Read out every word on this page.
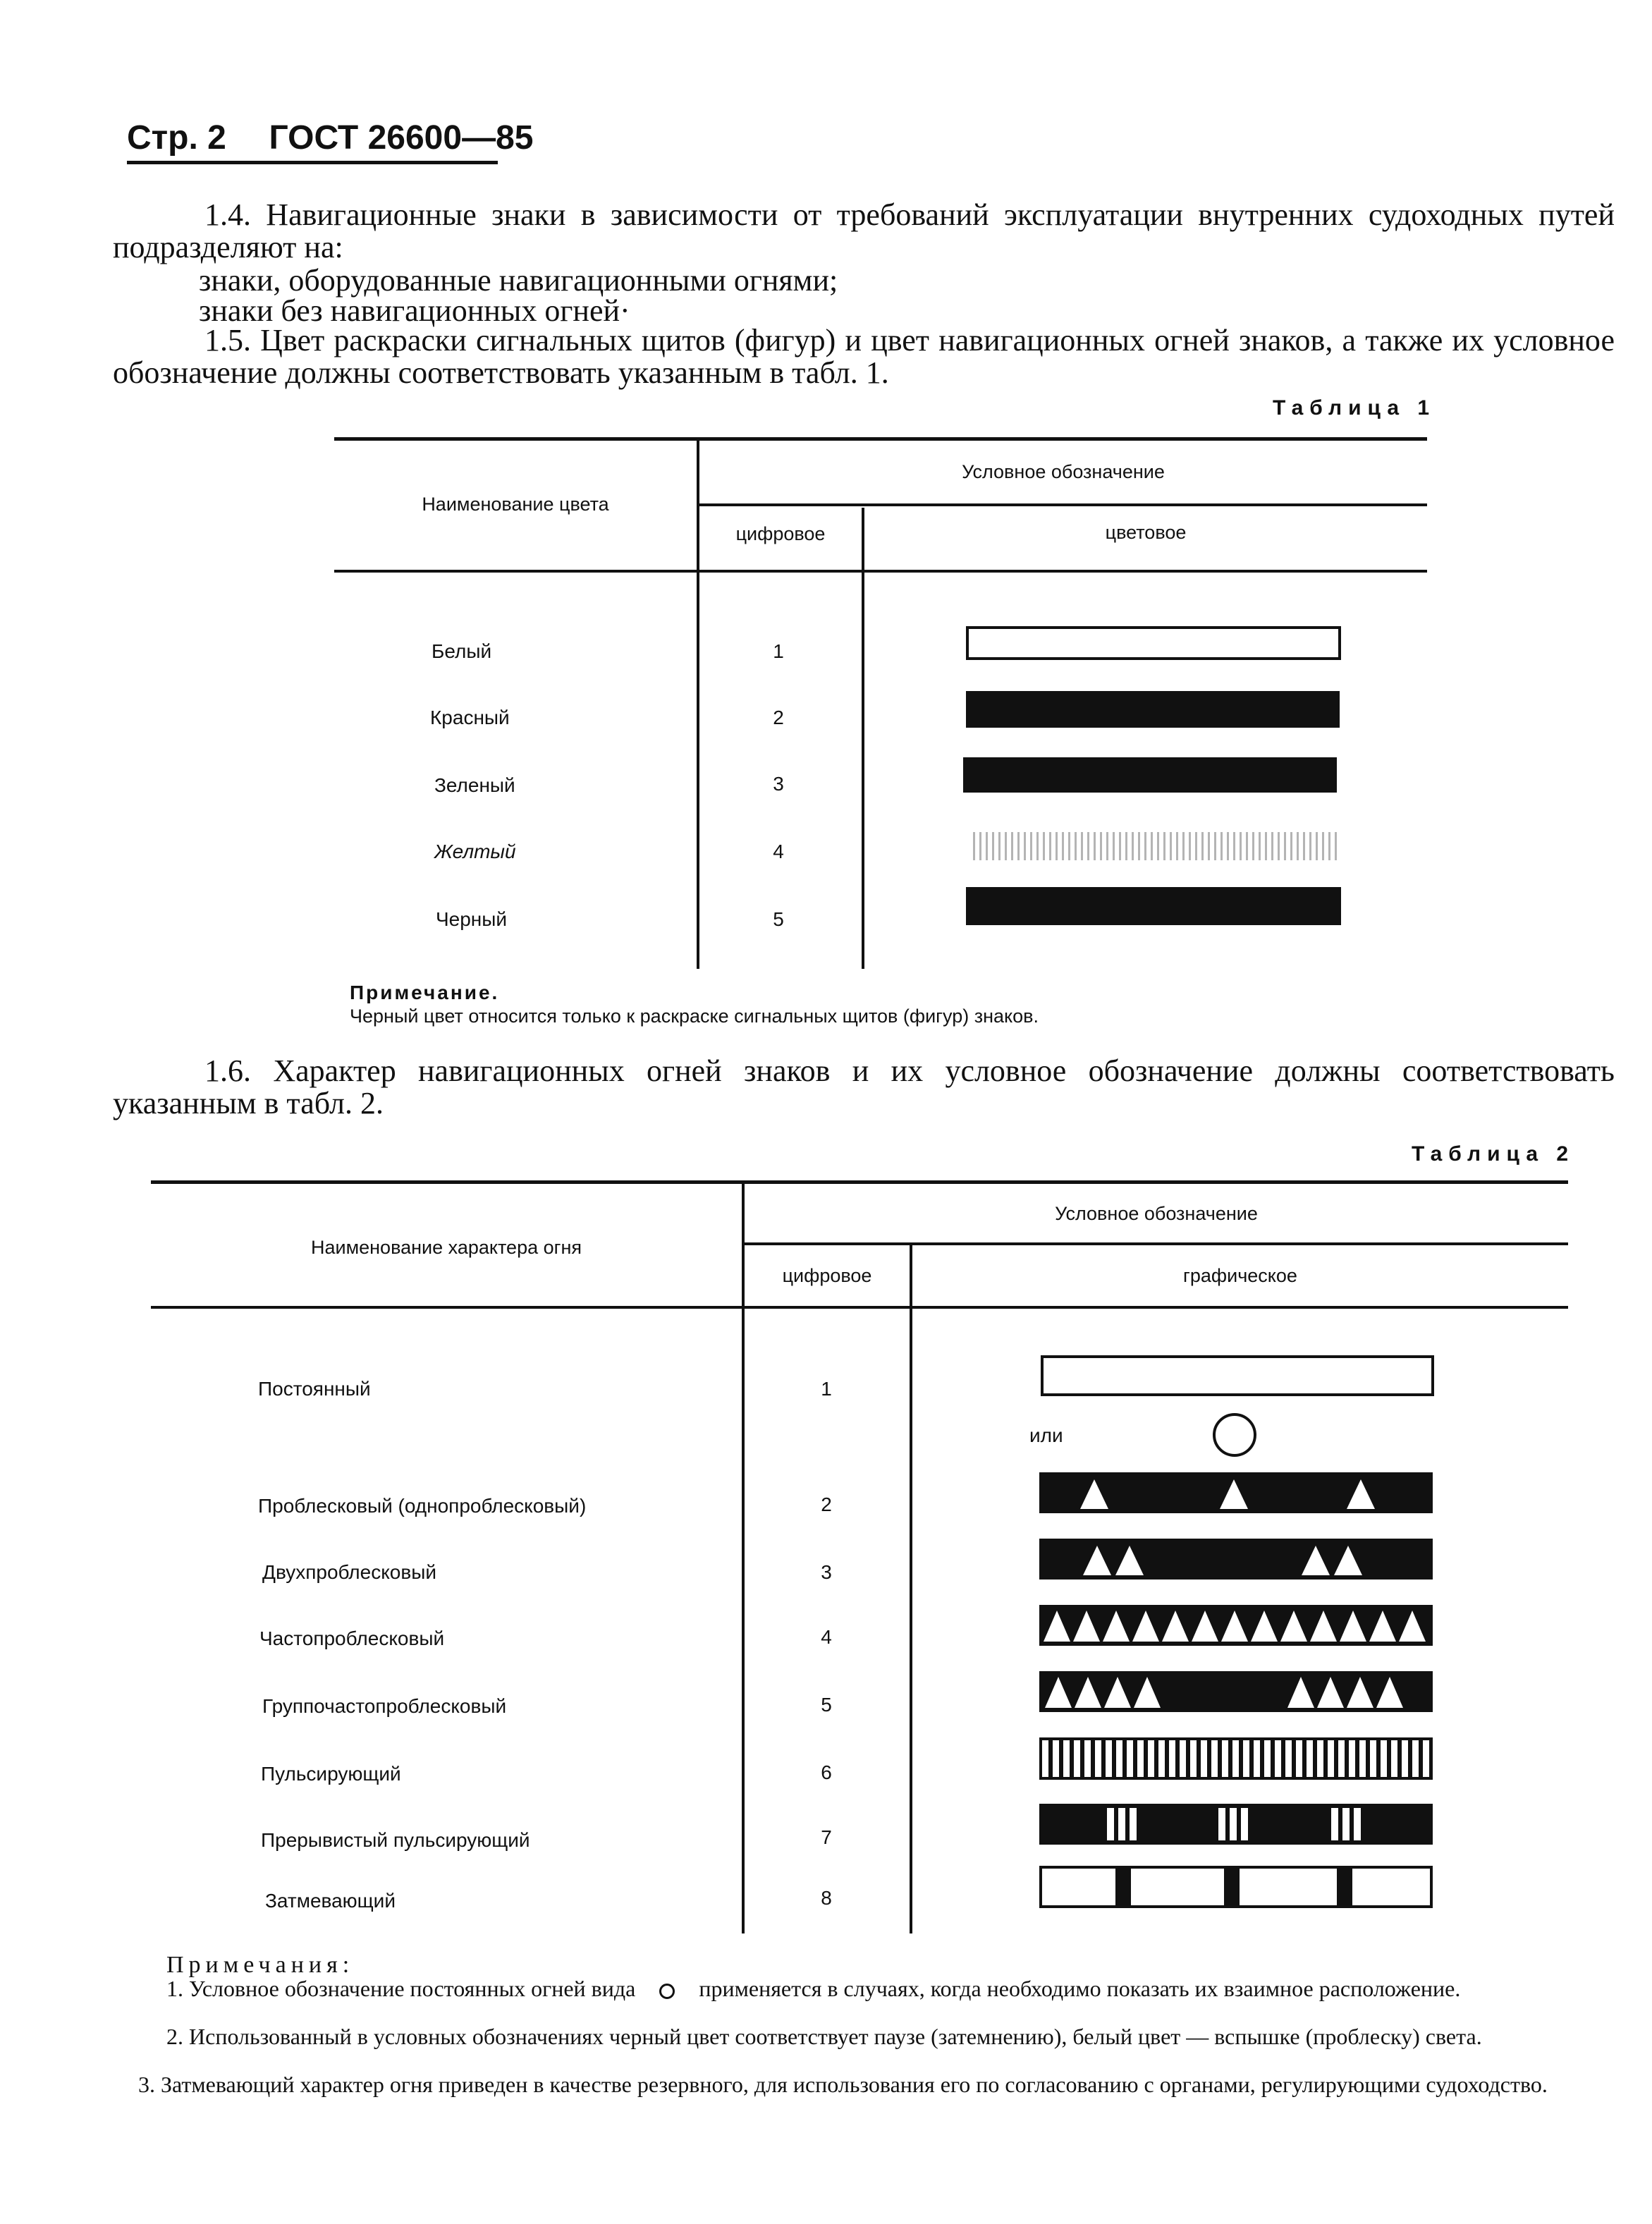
Стр. 2 ГОСТ 26600—85
1.4. Навигационные знаки в зависимости от требований эксплуатации внутренних судоходных путей подразделяют на:
знаки, оборудованные навигационными огнями;
знаки без навигационных огней·
1.5. Цвет раскраски сигнальных щитов (фигур) и цвет навигационных огней знаков, а также их условное обозначение должны соответствовать указанным в табл. 1.
Таблица 1
Наименование цвета
Условное обозначение
цифровое	цветовое
Белый	1
Красный	2
Зеленый	3
Желтый	4
Черный	5
Примечание.
Черный цвет относится только к раскраске сигнальных щитов (фигур) знаков.
1.6. Характер навигационных огней знаков и их условное обозначение должны соответствовать указанным в табл. 2.
Таблица 2
Наименование характера огня
Условное обозначение
цифровое	графическое
Постоянный	1
или
Проблесковый (однопроблесковый)	2
Двухпроблесковый	3
Частопроблесковый	4
Группочастопроблесковый	5
Пульсирующий	6
Прерывистый пульсирующий	7
Затмевающий	8
Примечания:
1. Условное обозначение постоянных огней вида	применяется в случаях, когда необходимо показать их взаимное расположение.
2. Использованный в условных обозначениях черный цвет соответствует паузе (затемнению), белый цвет — вспышке (проблеску) света.
3. Затмевающий характер огня приведен в качестве резервного, для использования его по согласованию с органами, регулирующими судоходство.
